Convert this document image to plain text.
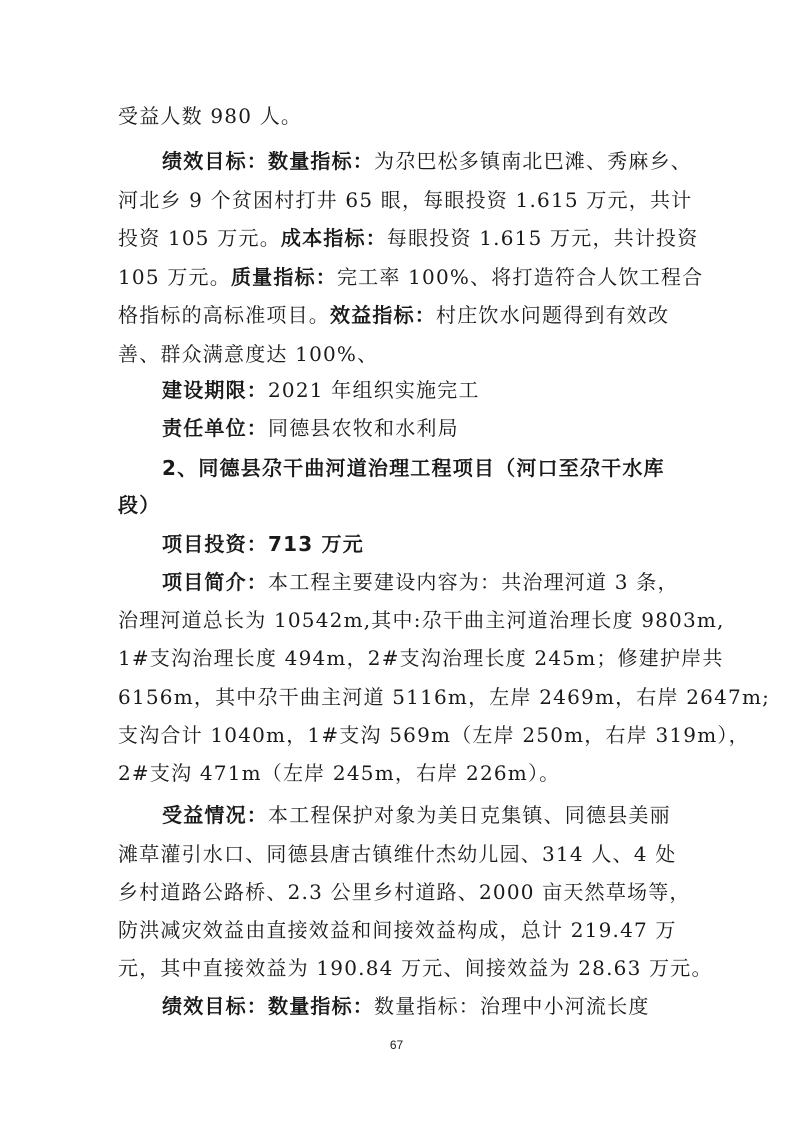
受益人数 980 人。
绩效目标：数量指标：为尕巴松多镇南北巴滩、秀麻乡、
河北乡 9 个贫困村打井 65 眼，每眼投资 1.615 万元，共计
投资 105 万元。成本指标：每眼投资 1.615 万元，共计投资
105 万元。质量指标：完工率 100%、将打造符合人饮工程合
格指标的高标准项目。效益指标：村庄饮水问题得到有效改
善、群众满意度达 100%、
建设期限：2021 年组织实施完工
责任单位：同德县农牧和水利局
2、同德县尕干曲河道治理工程项目（河口至尕干水库
段）
项目投资：713 万元
项目简介：本工程主要建设内容为：共治理河道 3 条，
治理河道总长为 10542m,其中:尕干曲主河道治理长度 9803m,
1#支沟治理长度 494m，2#支沟治理长度 245m；修建护岸共
6156m，其中尕干曲主河道 5116m，左岸 2469m，右岸 2647m;
支沟合计 1040m，1#支沟 569m（左岸 250m，右岸 319m），
2#支沟 471m（左岸 245m，右岸 226m）。
受益情况：本工程保护对象为美日克集镇、同德县美丽
滩草灌引水口、同德县唐古镇维什杰幼儿园、314 人、4 处
乡村道路公路桥、2.3 公里乡村道路、2000 亩天然草场等，
防洪减灾效益由直接效益和间接效益构成，总计 219.47 万
元，其中直接效益为 190.84 万元、间接效益为 28.63 万元。
绩效目标：数量指标：数量指标：治理中小河流长度
67
